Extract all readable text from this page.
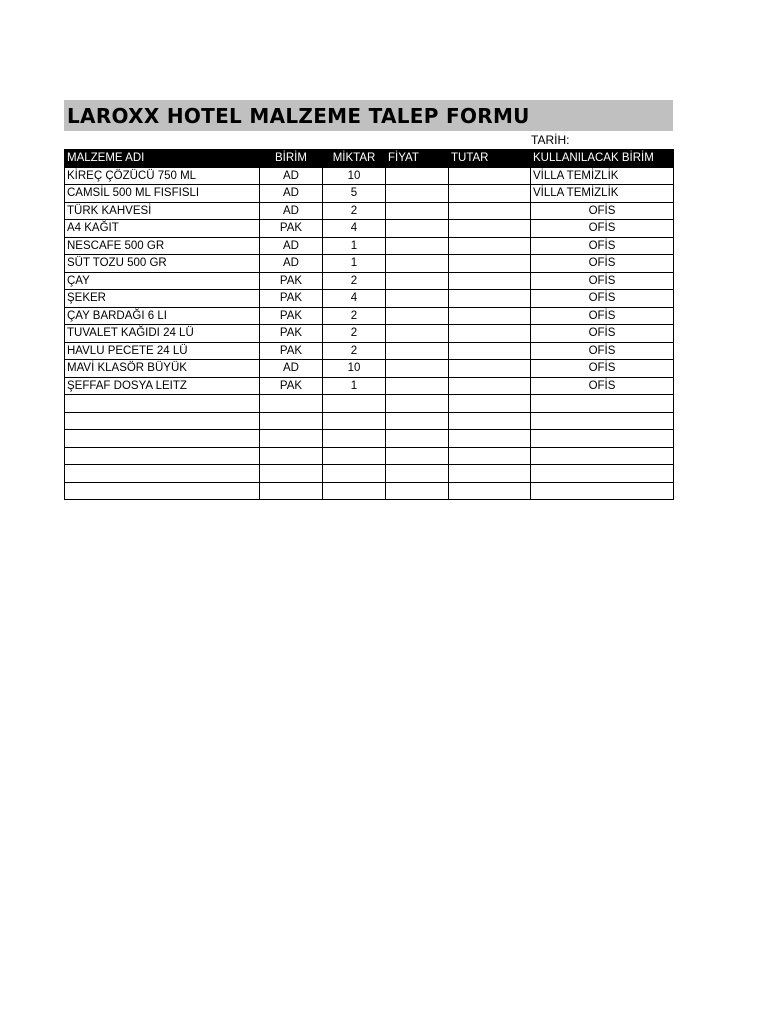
LAROXX HOTEL MALZEME TALEP FORMU
TARİH:
MALZEME ADI	BİRİM	MİKTAR	FİYAT	TUTAR	KULLANILACAK BİRİM
KİREÇ ÇÖZÜCÜ 750 ML	AD	10			VİLLA TEMİZLİK
CAMSİL 500 ML FISFISLI	AD	5			VİLLA TEMİZLİK
TÜRK KAHVESİ	AD	2			OFİS
A4 KAĞIT	PAK	4			OFİS
NESCAFE 500 GR	AD	1			OFİS
SÜT TOZU 500 GR	AD	1			OFİS
ÇAY	PAK	2			OFİS
ŞEKER	PAK	4			OFİS
ÇAY BARDAĞI 6 LI	PAK	2			OFİS
TUVALET KAĞIDI 24 LÜ	PAK	2			OFİS
HAVLU PECETE 24 LÜ	PAK	2			OFİS
MAVİ KLASÖR BÜYÜK	AD	10			OFİS
ŞEFFAF DOSYA LEITZ	PAK	1			OFİS
